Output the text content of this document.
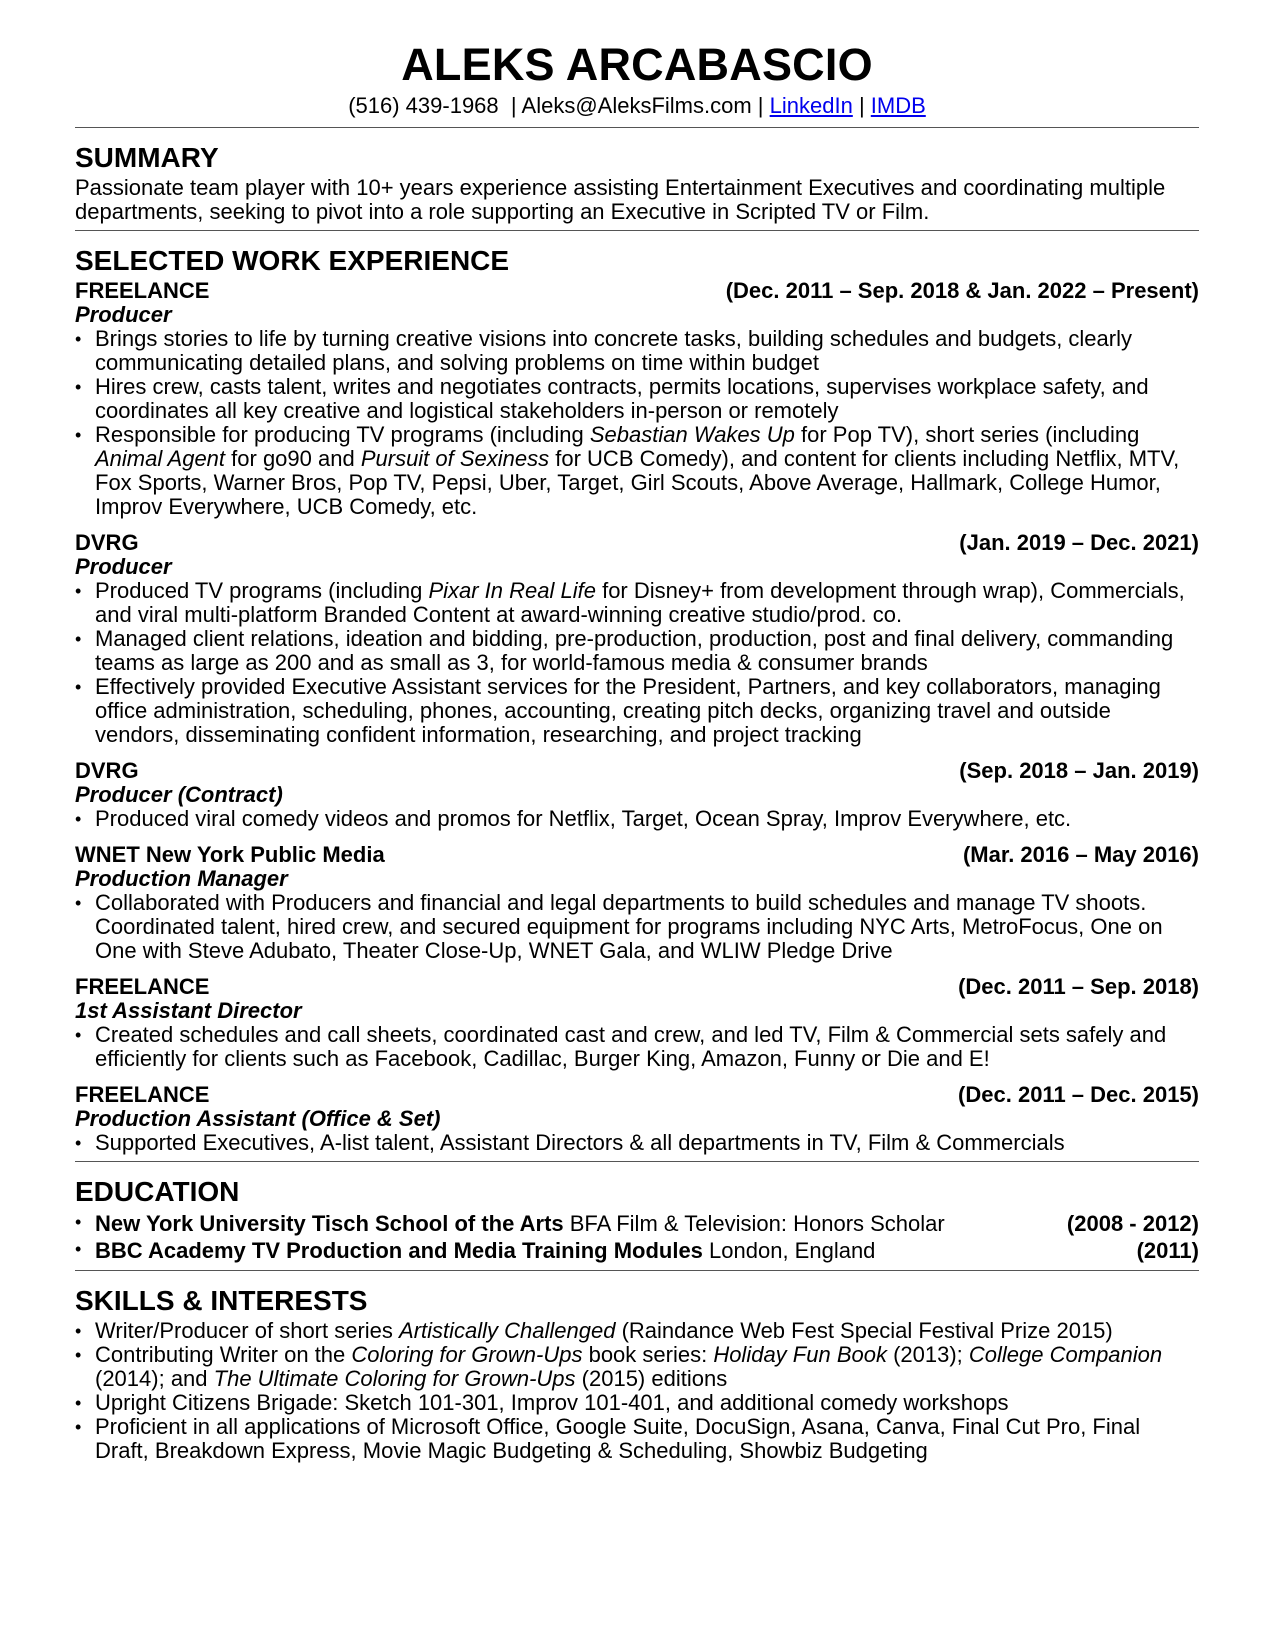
ALEKS ARCABASCIO
(516) 439-1968 | Aleks@AleksFilms.com | LinkedIn | IMDB
SUMMARY

Passionate team player with 10+ years experience assisting Entertainment Executives and coordinating multiple departments, seeking to pivot into a role supporting an Executive in Scripted TV or Film.

SELECTED WORK EXPERIENCE
FREELANCE	(Dec. 2011 – Sep. 2018 & Jan. 2022 – Present)
Producer
• Brings stories to life by turning creative visions into concrete tasks, building schedules and budgets, clearly communicating detailed plans, and solving problems on time within budget
• Hires crew, casts talent, writes and negotiates contracts, permits locations, supervises workplace safety, and coordinates all key creative and logistical stakeholders in-person or remotely
• Responsible for producing TV programs (including Sebastian Wakes Up for Pop TV), short series (including Animal Agent for go90 and Pursuit of Sexiness for UCB Comedy), and content for clients including Netflix, MTV, Fox Sports, Warner Bros, Pop TV, Pepsi, Uber, Target, Girl Scouts, Above Average, Hallmark, College Humor, Improv Everywhere, UCB Comedy, etc.
DVRG	(Jan. 2019 – Dec. 2021)
Producer
• Produced TV programs (including Pixar In Real Life for Disney+ from development through wrap), Commercials, and viral multi-platform Branded Content at award-winning creative studio/prod. co.
• Managed client relations, ideation and bidding, pre-production, production, post and final delivery, commanding teams as large as 200 and as small as 3, for world-famous media & consumer brands
• Effectively provided Executive Assistant services for the President, Partners, and key collaborators, managing office administration, scheduling, phones, accounting, creating pitch decks, organizing travel and outside vendors, disseminating confident information, researching, and project tracking
DVRG	(Sep. 2018 – Jan. 2019)
Producer (Contract)
• Produced viral comedy videos and promos for Netflix, Target, Ocean Spray, Improv Everywhere, etc.
WNET New York Public Media	(Mar. 2016 – May 2016)
Production Manager
• Collaborated with Producers and financial and legal departments to build schedules and manage TV shoots. Coordinated talent, hired crew, and secured equipment for programs including NYC Arts, MetroFocus, One on One with Steve Adubato, Theater Close-Up, WNET Gala, and WLIW Pledge Drive
FREELANCE	(Dec. 2011 – Sep. 2018)
1st Assistant Director
• Created schedules and call sheets, coordinated cast and crew, and led TV, Film & Commercial sets safely and efficiently for clients such as Facebook, Cadillac, Burger King, Amazon, Funny or Die and E!
FREELANCE	(Dec. 2011 – Dec. 2015)
Production Assistant (Office & Set)
• Supported Executives, A-list talent, Assistant Directors & all departments in TV, Film & Commercials
EDUCATION
• New York University Tisch School of the Arts BFA Film & Television: Honors Scholar	(2008 - 2012)
• BBC Academy TV Production and Media Training Modules London, England	(2011)
SKILLS & INTERESTS
• Writer/Producer of short series Artistically Challenged (Raindance Web Fest Special Festival Prize 2015)
• Contributing Writer on the Coloring for Grown-Ups book series: Holiday Fun Book (2013); College Companion (2014); and The Ultimate Coloring for Grown-Ups (2015) editions
• Upright Citizens Brigade: Sketch 101-301, Improv 101-401, and additional comedy workshops
• Proficient in all applications of Microsoft Office, Google Suite, DocuSign, Asana, Canva, Final Cut Pro, Final Draft, Breakdown Express, Movie Magic Budgeting & Scheduling, Showbiz Budgeting
